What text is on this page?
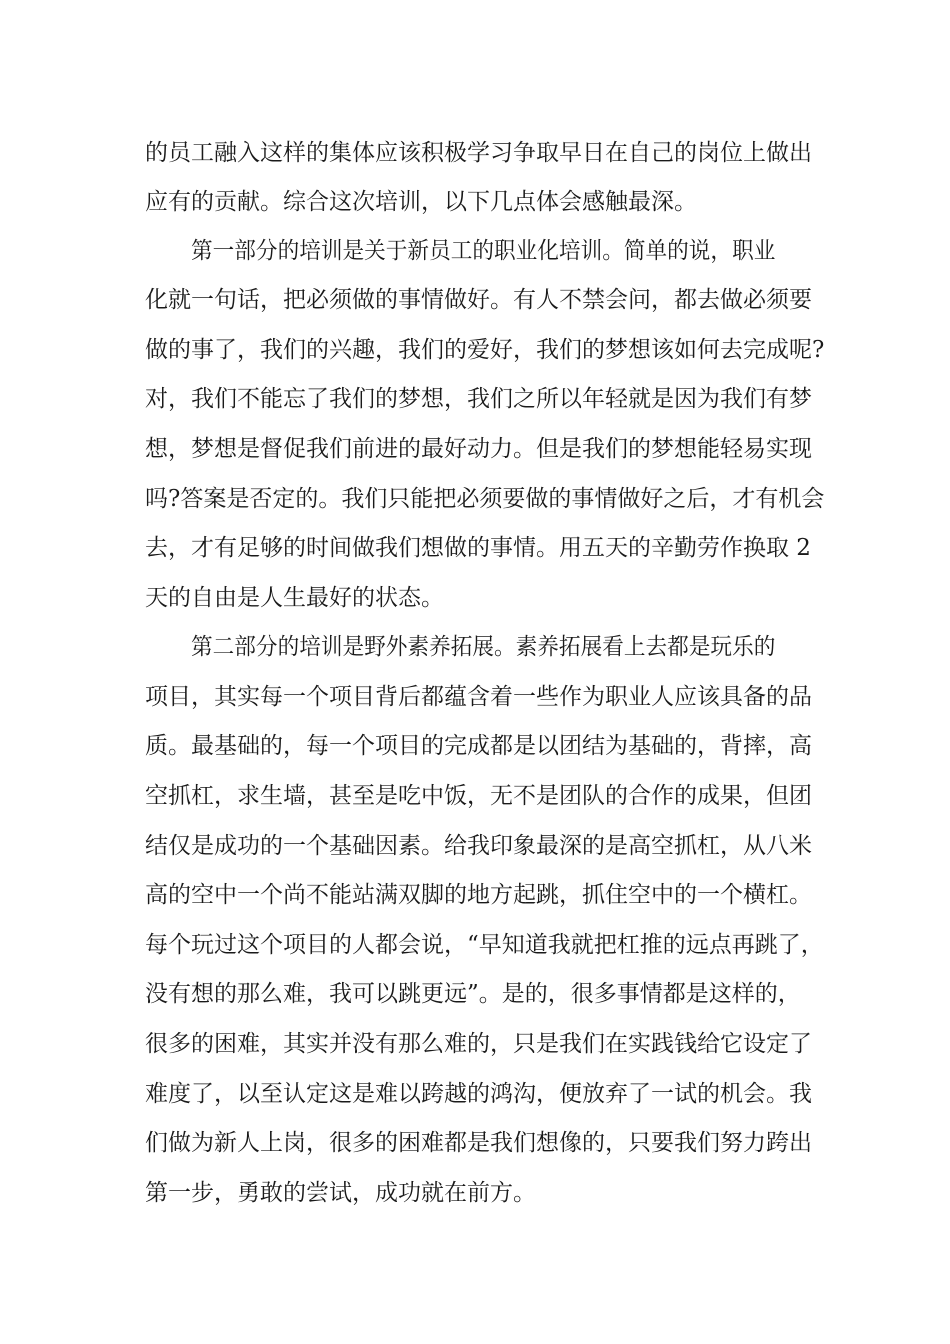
的员工融入这样的集体应该积极学习争取早日在自己的岗位上做出
应有的贡献。综合这次培训，以下几点体会感触最深。
第一部分的培训是关于新员工的职业化培训。简单的说，职业
化就一句话，把必须做的事情做好。有人不禁会问，都去做必须要
做的事了，我们的兴趣，我们的爱好，我们的梦想该如何去完成呢?
对，我们不能忘了我们的梦想，我们之所以年轻就是因为我们有梦
想，梦想是督促我们前进的最好动力。但是我们的梦想能轻易实现
吗?答案是否定的。我们只能把必须要做的事情做好之后，才有机会
去，才有足够的时间做我们想做的事情。用五天的辛勤劳作换取 2
天的自由是人生最好的状态。
第二部分的培训是野外素养拓展。素养拓展看上去都是玩乐的
项目，其实每一个项目背后都蕴含着一些作为职业人应该具备的品
质。最基础的，每一个项目的完成都是以团结为基础的，背摔，高
空抓杠，求生墙，甚至是吃中饭，无不是团队的合作的成果，但团
结仅是成功的一个基础因素。给我印象最深的是高空抓杠，从八米
高的空中一个尚不能站满双脚的地方起跳，抓住空中的一个横杠。
每个玩过这个项目的人都会说，“早知道我就把杠推的远点再跳了，
没有想的那么难，我可以跳更远”。是的，很多事情都是这样的，
很多的困难，其实并没有那么难的，只是我们在实践钱给它设定了
难度了，以至认定这是难以跨越的鸿沟，便放弃了一试的机会。我
们做为新人上岗，很多的困难都是我们想像的，只要我们努力跨出
第一步，勇敢的尝试，成功就在前方。
